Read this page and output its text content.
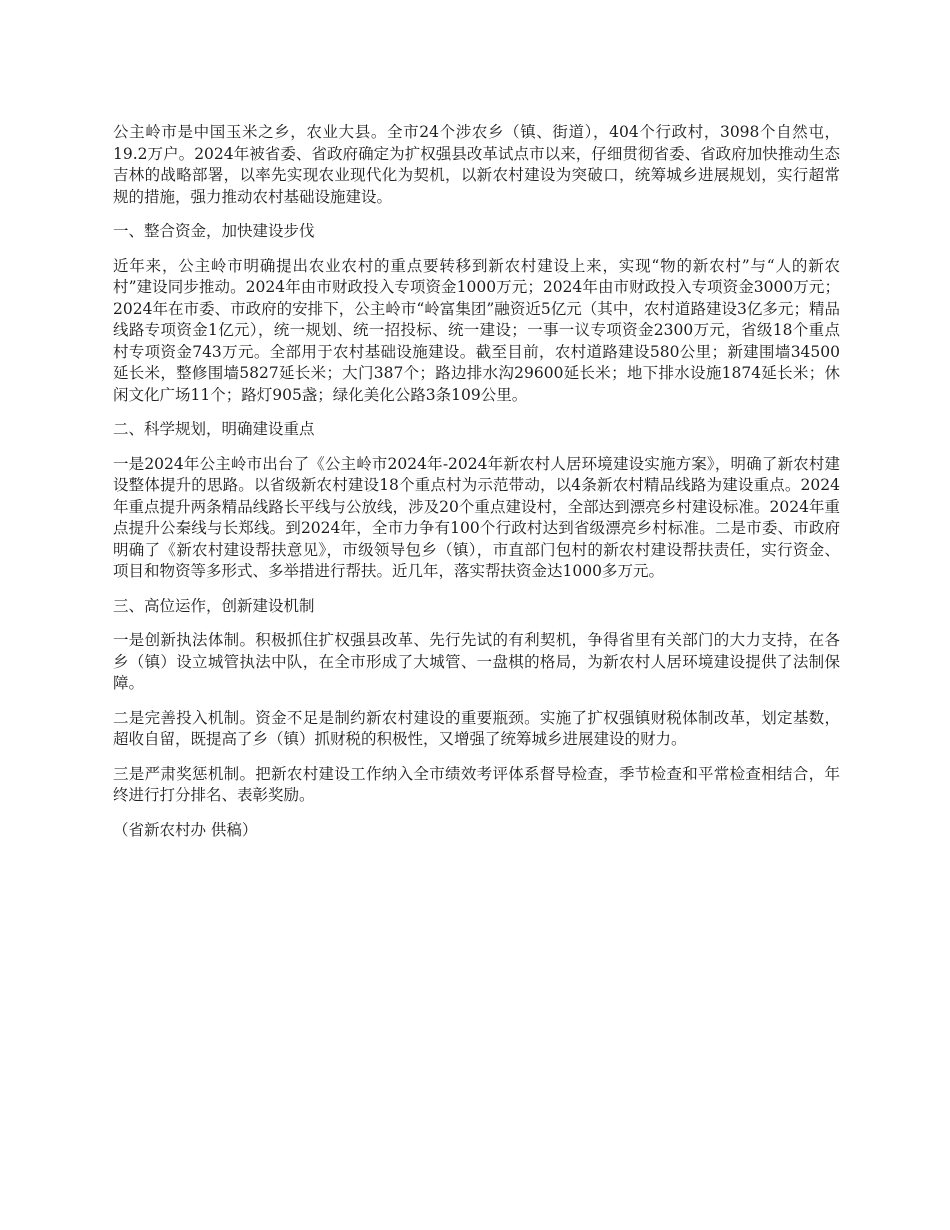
公主岭市是中国玉米之乡，农业大县。全市24个涉农乡（镇、街道），404个行政村，3098个自然屯，19.2万户。2024年被省委、省政府确定为扩权强县改革试点市以来，仔细贯彻省委、省政府加快推动生态吉林的战略部署，以率先实现农业现代化为契机，以新农村建设为突破口，统筹城乡进展规划，实行超常规的措施，强力推动农村基础设施建设。

一、整合资金，加快建设步伐

近年来，公主岭市明确提出农业农村的重点要转移到新农村建设上来，实现“物的新农村”与“人的新农村”建设同步推动。2024年由市财政投入专项资金1000万元；2024年由市财政投入专项资金3000万元；2024年在市委、市政府的安排下，公主岭市“岭富集团”融资近5亿元（其中，农村道路建设3亿多元；精品线路专项资金1亿元），统一规划、统一招投标、统一建设；一事一议专项资金2300万元，省级18个重点村专项资金743万元。全部用于农村基础设施建设。截至目前，农村道路建设580公里；新建围墙34500延长米，整修围墙5827延长米；大门387个；路边排水沟29600延长米；地下排水设施1874延长米；休闲文化广场11个；路灯905盏；绿化美化公路3条109公里。

二、科学规划，明确建设重点

一是2024年公主岭市出台了《公主岭市2024年-2024年新农村人居环境建设实施方案》，明确了新农村建设整体提升的思路。以省级新农村建设18个重点村为示范带动，以4条新农村精品线路为建设重点。2024年重点提升两条精品线路长平线与公放线，涉及20个重点建设村，全部达到漂亮乡村建设标准。2024年重点提升公秦线与长郑线。到2024年，全市力争有100个行政村达到省级漂亮乡村标准。二是市委、市政府明确了《新农村建设帮扶意见》，市级领导包乡（镇），市直部门包村的新农村建设帮扶责任，实行资金、项目和物资等多形式、多举措进行帮扶。近几年，落实帮扶资金达1000多万元。

三、高位运作，创新建设机制

一是创新执法体制。积极抓住扩权强县改革、先行先试的有利契机，争得省里有关部门的大力支持，在各乡（镇）设立城管执法中队，在全市形成了大城管、一盘棋的格局，为新农村人居环境建设提供了法制保障。

二是完善投入机制。资金不足是制约新农村建设的重要瓶颈。实施了扩权强镇财税体制改革，划定基数，超收自留，既提高了乡（镇）抓财税的积极性，又增强了统筹城乡进展建设的财力。

三是严肃奖惩机制。把新农村建设工作纳入全市绩效考评体系督导检查，季节检查和平常检查相结合，年终进行打分排名、表彰奖励。

（省新农村办 供稿）
